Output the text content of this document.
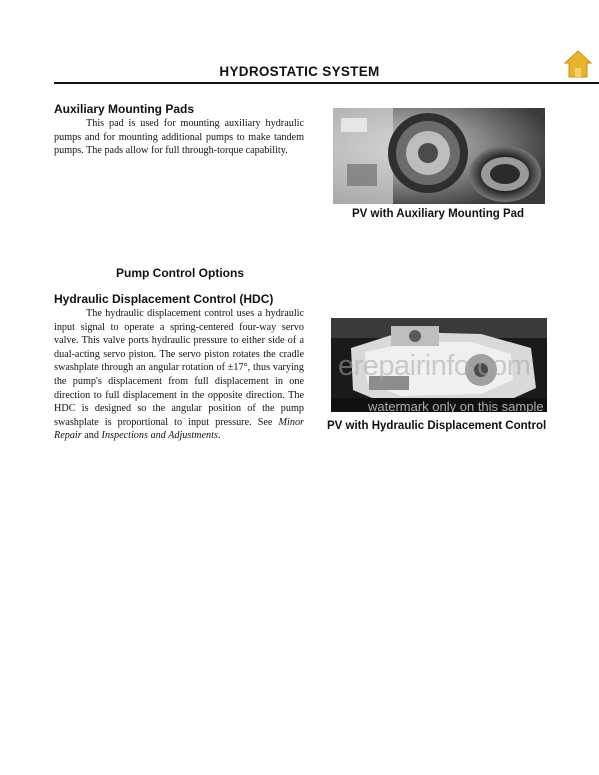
HYDROSTATIC SYSTEM
Auxiliary Mounting Pads

This pad is used for mounting auxiliary hydraulic pumps and for mounting additional pumps to make tandem pumps. The pads allow for full through-torque capability.

PV with Auxiliary Mounting Pad
Pump Control Options
Hydraulic Displacement Control (HDC)

The hydraulic displacement control uses a hydraulic input signal to operate a spring-centered four-way servo valve. This valve ports hydraulic pressure to either side of a dual-acting servo piston. The servo piston rotates the cradle swashplate through an angular rotation of ±17°, thus varying the pump's displacement from full displacement in one direction to full displacement in the opposite direction. The HDC is designed so the angular position of the pump swashplate is proportional to input pressure. See Minor Repair and Inspections and Adjustments.

PV with Hydraulic Displacement Control
erepairinfo.com
watermark only on this sample
